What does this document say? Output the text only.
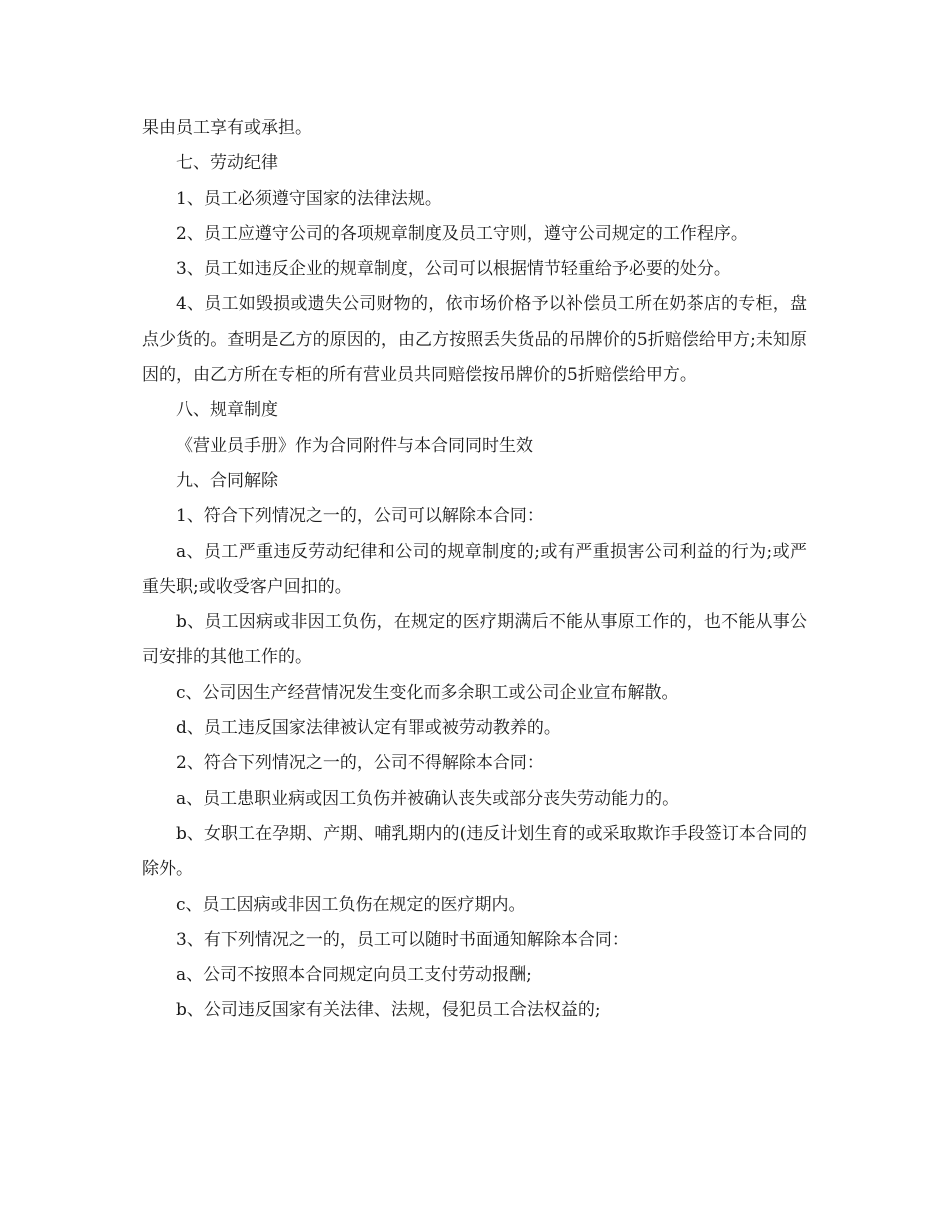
果由员工享有或承担。

七、劳动纪律

1、员工必须遵守国家的法律法规。

2、员工应遵守公司的各项规章制度及员工守则，遵守公司规定的工作程序。

3、员工如违反企业的规章制度，公司可以根据情节轻重给予必要的处分。

4、员工如毁损或遗失公司财物的，依市场价格予以补偿员工所在奶茶店的专柜，盘点少货的。查明是乙方的原因的，由乙方按照丢失货品的吊牌价的5折赔偿给甲方;未知原因的，由乙方所在专柜的所有营业员共同赔偿按吊牌价的5折赔偿给甲方。

八、规章制度

《营业员手册》作为合同附件与本合同同时生效

九、合同解除

1、符合下列情况之一的，公司可以解除本合同：

a、员工严重违反劳动纪律和公司的规章制度的;或有严重损害公司利益的行为;或严重失职;或收受客户回扣的。

b、员工因病或非因工负伤，在规定的医疗期满后不能从事原工作的，也不能从事公司安排的其他工作的。

c、公司因生产经营情况发生变化而多余职工或公司企业宣布解散。

d、员工违反国家法律被认定有罪或被劳动教养的。

2、符合下列情况之一的，公司不得解除本合同：

a、员工患职业病或因工负伤并被确认丧失或部分丧失劳动能力的。

b、女职工在孕期、产期、哺乳期内的(违反计划生育的或采取欺诈手段签订本合同的除外。

c、员工因病或非因工负伤在规定的医疗期内。

3、有下列情况之一的，员工可以随时书面通知解除本合同：

a、公司不按照本合同规定向员工支付劳动报酬;

b、公司违反国家有关法律、法规，侵犯员工合法权益的;
